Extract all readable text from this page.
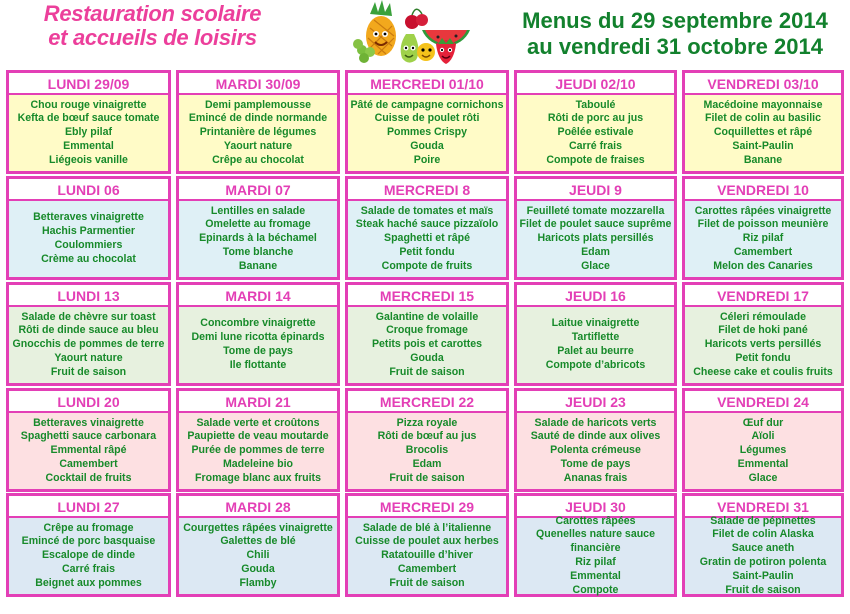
Restauration scolaire
et accueils de loisirs
Menus du 29 septembre 2014
au vendredi 31 octobre 2014
LUNDI 29/09
Chou rouge vinaigrette
Kefta de bœuf sauce tomate
Ebly pilaf
Emmental
Liégeois vanille
MARDI 30/09
Demi pamplemousse
Emincé de dinde normande
Printanière de légumes
Yaourt nature
Crêpe au chocolat
MERCREDI 01/10
Pâté de campagne cornichons
Cuisse de poulet rôti
Pommes Crispy
Gouda
Poire
JEUDI 02/10
Taboulé
Rôti de porc au jus
Poêlée estivale
Carré frais
Compote de fraises
VENDREDI 03/10
Macédoine mayonnaise
Filet de colin au basilic
Coquillettes et râpé
Saint-Paulin
Banane
LUNDI 06
Betteraves vinaigrette
Hachis Parmentier
Coulommiers
Crème au chocolat
MARDI 07
Lentilles en salade
Omelette au fromage
Epinards à la béchamel
Tome blanche
Banane
MERCREDI 8
Salade de tomates et maïs
Steak haché sauce pizzaïolo
Spaghetti et râpé
Petit fondu
Compote de fruits
JEUDI 9
Feuilleté tomate mozzarella
Filet de poulet sauce suprême
Haricots plats persillés
Edam
Glace
VENDREDI 10
Carottes râpées vinaigrette
Filet de poisson meunière
Riz pilaf
Camembert
Melon des Canaries
LUNDI 13
Salade de chèvre sur toast
Rôti de dinde sauce au bleu
Gnocchis de pommes de terre
Yaourt nature
Fruit de saison
MARDI 14
Concombre vinaigrette
Demi lune ricotta épinards
Tome de pays
Ile flottante
MERCREDI 15
Galantine de volaille
Croque fromage
Petits pois et carottes
Gouda
Fruit de saison
JEUDI 16
Laitue vinaigrette
Tartiflette
Palet au beurre
Compote d’abricots
VENDREDI 17
Céleri rémoulade
Filet de hoki pané
Haricots verts persillés
Petit fondu
Cheese cake et coulis fruits
LUNDI 20
Betteraves vinaigrette
Spaghetti sauce carbonara
Emmental râpé
Camembert
Cocktail de fruits
MARDI 21
Salade verte et croûtons
Paupiette de veau moutarde
Purée de pommes de terre
Madeleine bio
Fromage blanc aux fruits
MERCREDI 22
Pizza royale
Rôti de bœuf au jus
Brocolis
Edam
Fruit de saison
JEUDI 23
Salade de haricots verts
Sauté de dinde aux olives
Polenta crémeuse
Tome de pays
Ananas frais
VENDREDI 24
Œuf dur
Aïoli
Légumes
Emmental
Glace
LUNDI 27
Crêpe au fromage
Emincé de porc basquaise
Escalope de dinde
Carré frais
Beignet aux pommes
MARDI 28
Courgettes râpées vinaigrette
Galettes de blé
Chili
Gouda
Flamby
MERCREDI 29
Salade de blé à l’italienne
Cuisse de poulet aux herbes
Ratatouille d’hiver
Camembert
Fruit de saison
JEUDI 30
Carottes râpées
Quenelles nature sauce
financière
Riz pilaf
Emmental
Compote
VENDREDI 31
Salade de pépinettes
Filet de colin Alaska
Sauce aneth
Gratin de potiron polenta
Saint-Paulin
Fruit de saison
